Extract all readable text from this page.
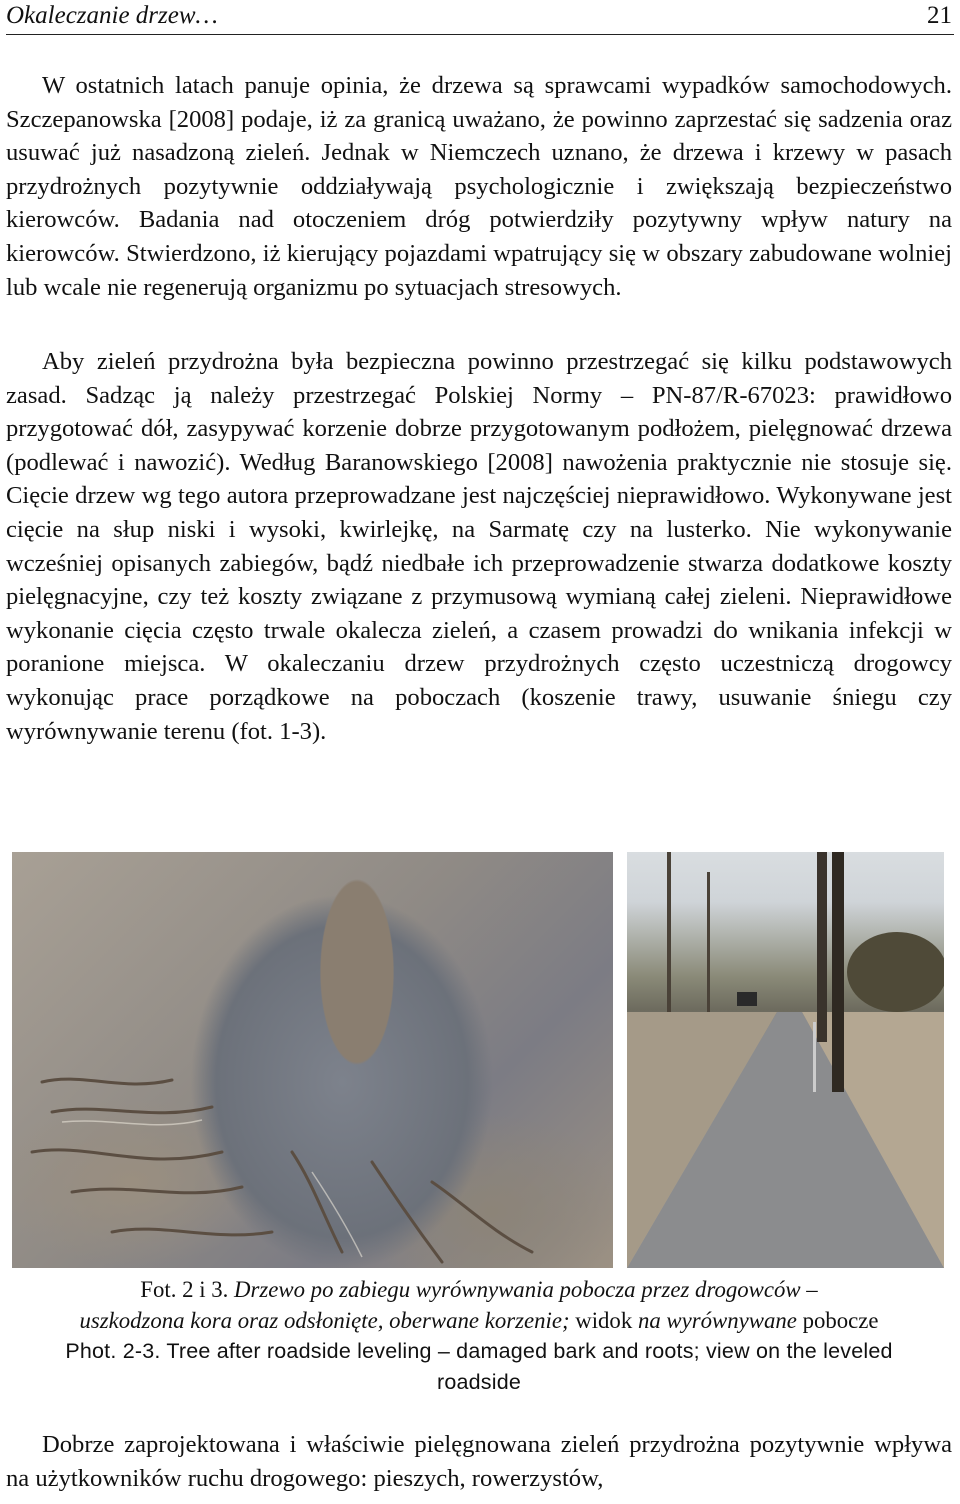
Okaleczanie drzew…	21

W ostatnich latach panuje opinia, że drzewa są sprawcami wypadków samochodowych. Szczepanowska [2008] podaje, iż za granicą uważano, że powinno zaprzestać się sadzenia oraz usuwać już nasadzoną zieleń. Jednak w Niemczech uznano, że drzewa i krzewy w pasach przydrożnych pozytywnie oddziaływają psychologicznie i zwiększają bezpieczeństwo kierowców. Badania nad otoczeniem dróg potwierdziły pozytywny wpływ natury na kierowców. Stwierdzono, iż kierujący pojazdami wpatrujący się w obszary zabudowane wolniej lub wcale nie regenerują organizmu po sytuacjach stresowych.

Aby zieleń przydrożna była bezpieczna powinno przestrzegać się kilku podstawowych zasad. Sadząc ją należy przestrzegać Polskiej Normy – PN-87/R-67023: prawidłowo przygotować dół, zasypywać korzenie dobrze przygotowanym podłożem, pielęgnować drzewa (podlewać i nawozić). Według Baranowskiego [2008] nawożenia praktycznie nie stosuje się. Cięcie drzew wg tego autora przeprowadzane jest najczęściej nieprawidłowo. Wykonywane jest cięcie na słup niski i wysoki, kwirlejkę, na Sarmatę czy na lusterko. Nie wykonywanie wcześniej opisanych zabiegów, bądź niedbałe ich przeprowadzenie stwarza dodatkowe koszty pielęgnacyjne, czy też koszty związane z przymusową wymianą całej zieleni. Nieprawidłowe wykonanie cięcia często trwale okalecza zieleń, a czasem prowadzi do wnikania infekcji w poranione miejsca. W okaleczaniu drzew przydrożnych często uczestniczą drogowcy wykonując prace porządkowe na poboczach (koszenie trawy, usuwanie śniegu czy wyrównywanie terenu (fot. 1-3).

Fot. 2 i 3. Drzewo po zabiegu wyrównywania pobocza przez drogowców –
uszkodzona kora oraz odsłonięte, oberwane korzenie; widok na wyrównywane pobocze
Phot. 2-3. Tree after roadside leveling – damaged bark and roots; view on the leveled
roadside

Dobrze zaprojektowana i właściwie pielęgnowana zieleń przydrożna pozytywnie wpływa na użytkowników ruchu drogowego: pieszych, rowerzystów,
